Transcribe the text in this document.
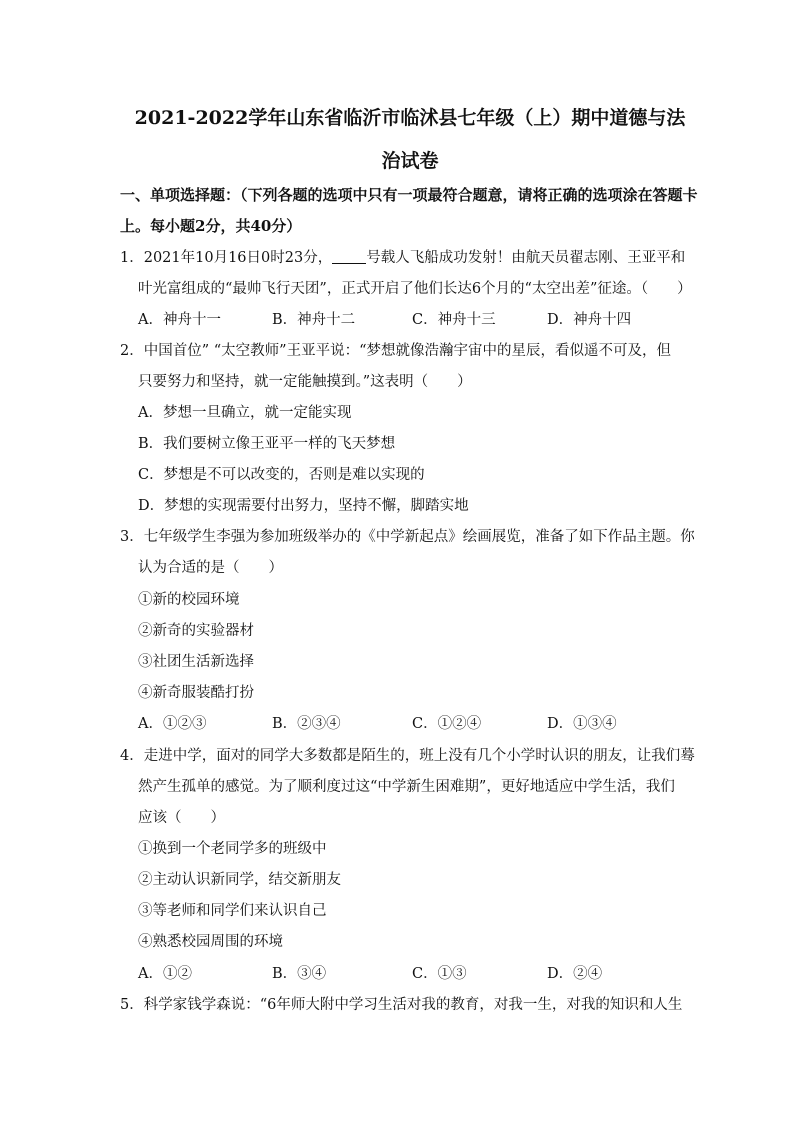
2021-2022学年山东省临沂市临沭县七年级（上）期中道德与法
治试卷
一、单项选择题：（下列各题的选项中只有一项最符合题意，请将正确的选项涂在答题卡
上。每小题2分，共40分）
1．2021年10月16日0时23分， 号载人飞船成功发射！由航天员翟志刚、王亚平和
叶光富组成的“最帅飞行天团”，正式开启了他们长达6个月的“太空出差”征途。（　　）
A．神舟十一	B．神舟十二	C．神舟十三	D．神舟十四
2．中国首位” “太空教师”王亚平说：“梦想就像浩瀚宇宙中的星辰，看似遥不可及，但
只要努力和坚持，就一定能触摸到。”这表明（　　）
A．梦想一旦确立，就一定能实现
B．我们要树立像王亚平一样的飞天梦想
C．梦想是不可以改变的，否则是难以实现的
D．梦想的实现需要付出努力，坚持不懈，脚踏实地
3．七年级学生李强为参加班级举办的《中学新起点》绘画展览，准备了如下作品主题。你
认为合适的是（　　）
①新的校园环境
②新奇的实验器材
③社团生活新选择
④新奇服装酷打扮
A．①②③	B．②③④	C．①②④	D．①③④
4．走进中学，面对的同学大多数都是陌生的，班上没有几个小学时认识的朋友，让我们蓦
然产生孤单的感觉。为了顺利度过这“中学新生困难期”，更好地适应中学生活，我们
应该（　　）
①换到一个老同学多的班级中
②主动认识新同学，结交新朋友
③等老师和同学们来认识自己
④熟悉校园周围的环境
A．①②	B．③④	C．①③	D．②④
5．科学家钱学森说：“6年师大附中学习生活对我的教育，对我一生，对我的知识和人生
